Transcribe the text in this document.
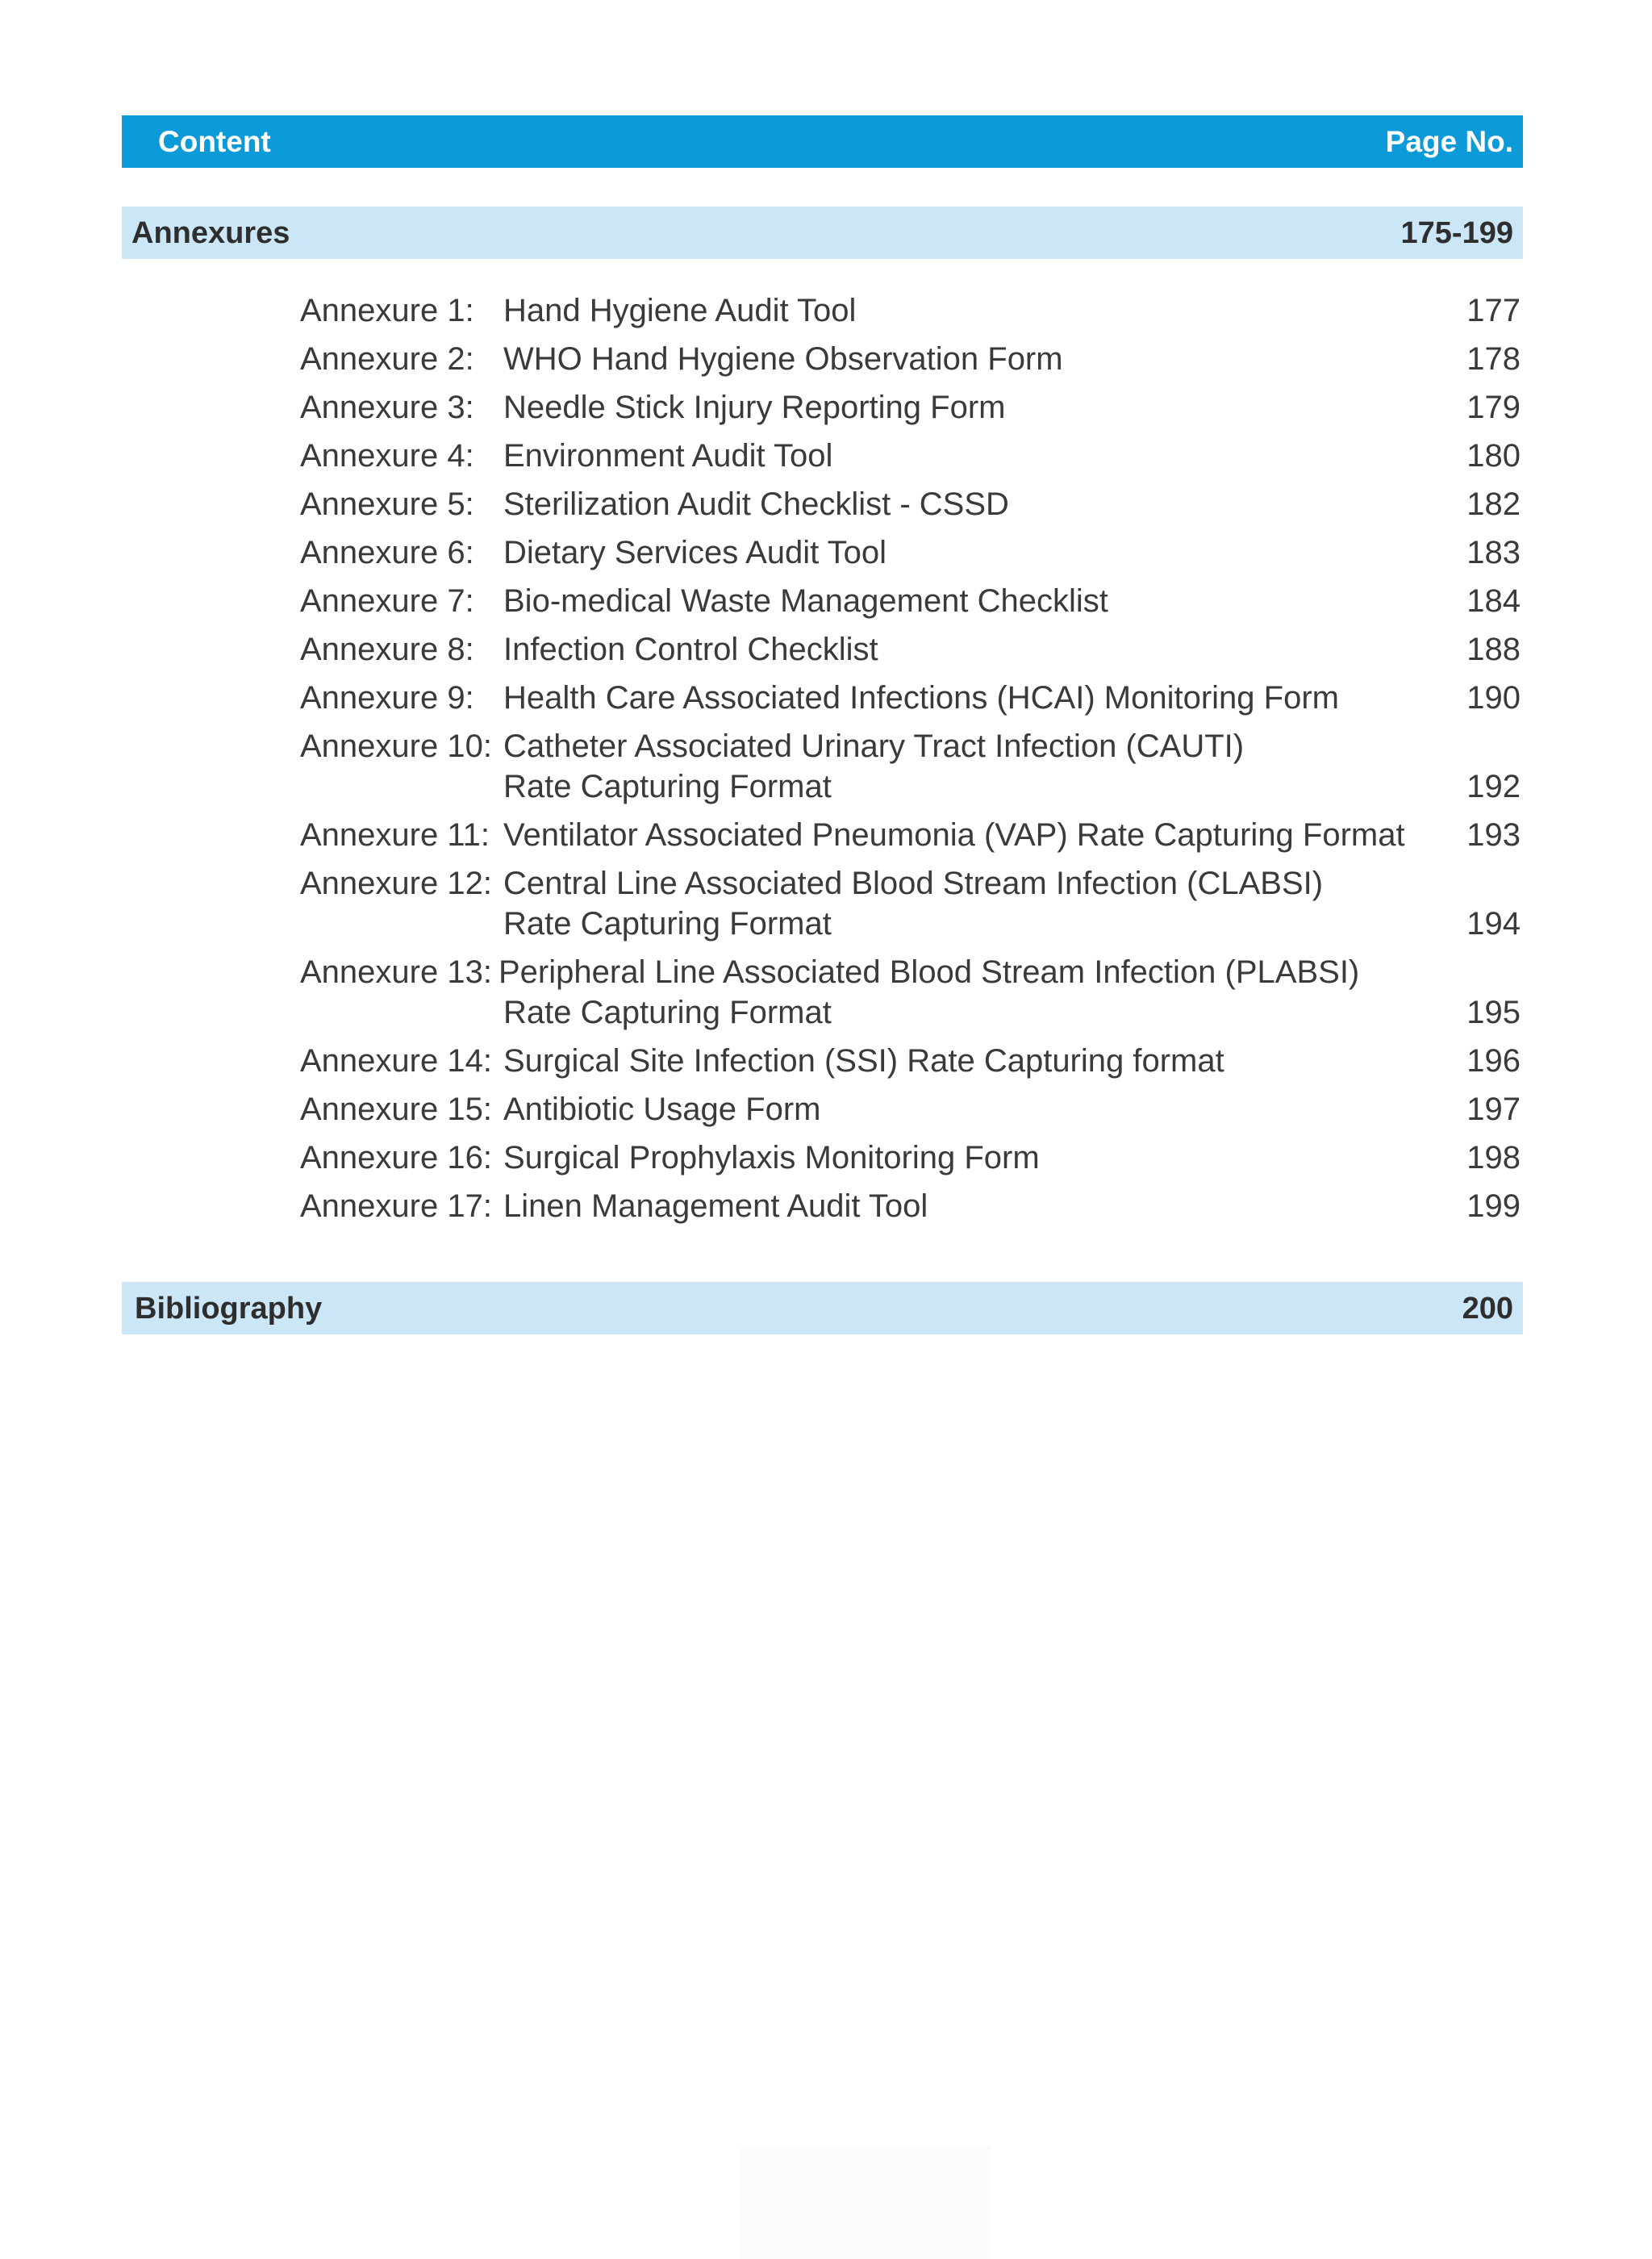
Content	Page No.
Annexures	175-199
Annexure 1: Hand Hygiene Audit Tool	177
Annexure 2: WHO Hand Hygiene Observation Form	178
Annexure 3: Needle Stick Injury Reporting Form	179
Annexure 4: Environment Audit Tool	180
Annexure 5: Sterilization Audit Checklist - CSSD	182
Annexure 6: Dietary Services Audit Tool	183
Annexure 7: Bio-medical Waste Management Checklist	184
Annexure 8: Infection Control Checklist	188
Annexure 9: Health Care Associated Infections (HCAI) Monitoring Form	190
Annexure 10: Catheter Associated Urinary Tract Infection (CAUTI)
Rate Capturing Format	192
Annexure 11: Ventilator Associated Pneumonia (VAP) Rate Capturing Format 193
Annexure 12: Central Line Associated Blood Stream Infection (CLABSI)
Rate Capturing Format	194
Annexure 13: Peripheral Line Associated Blood Stream Infection (PLABSI)
Rate Capturing Format	195
Annexure 14: Surgical Site Infection (SSI) Rate Capturing format	196
Annexure 15: Antibiotic Usage Form	197
Annexure 16: Surgical Prophylaxis Monitoring Form	198
Annexure 17: Linen Management Audit Tool	199
Bibliography	200
